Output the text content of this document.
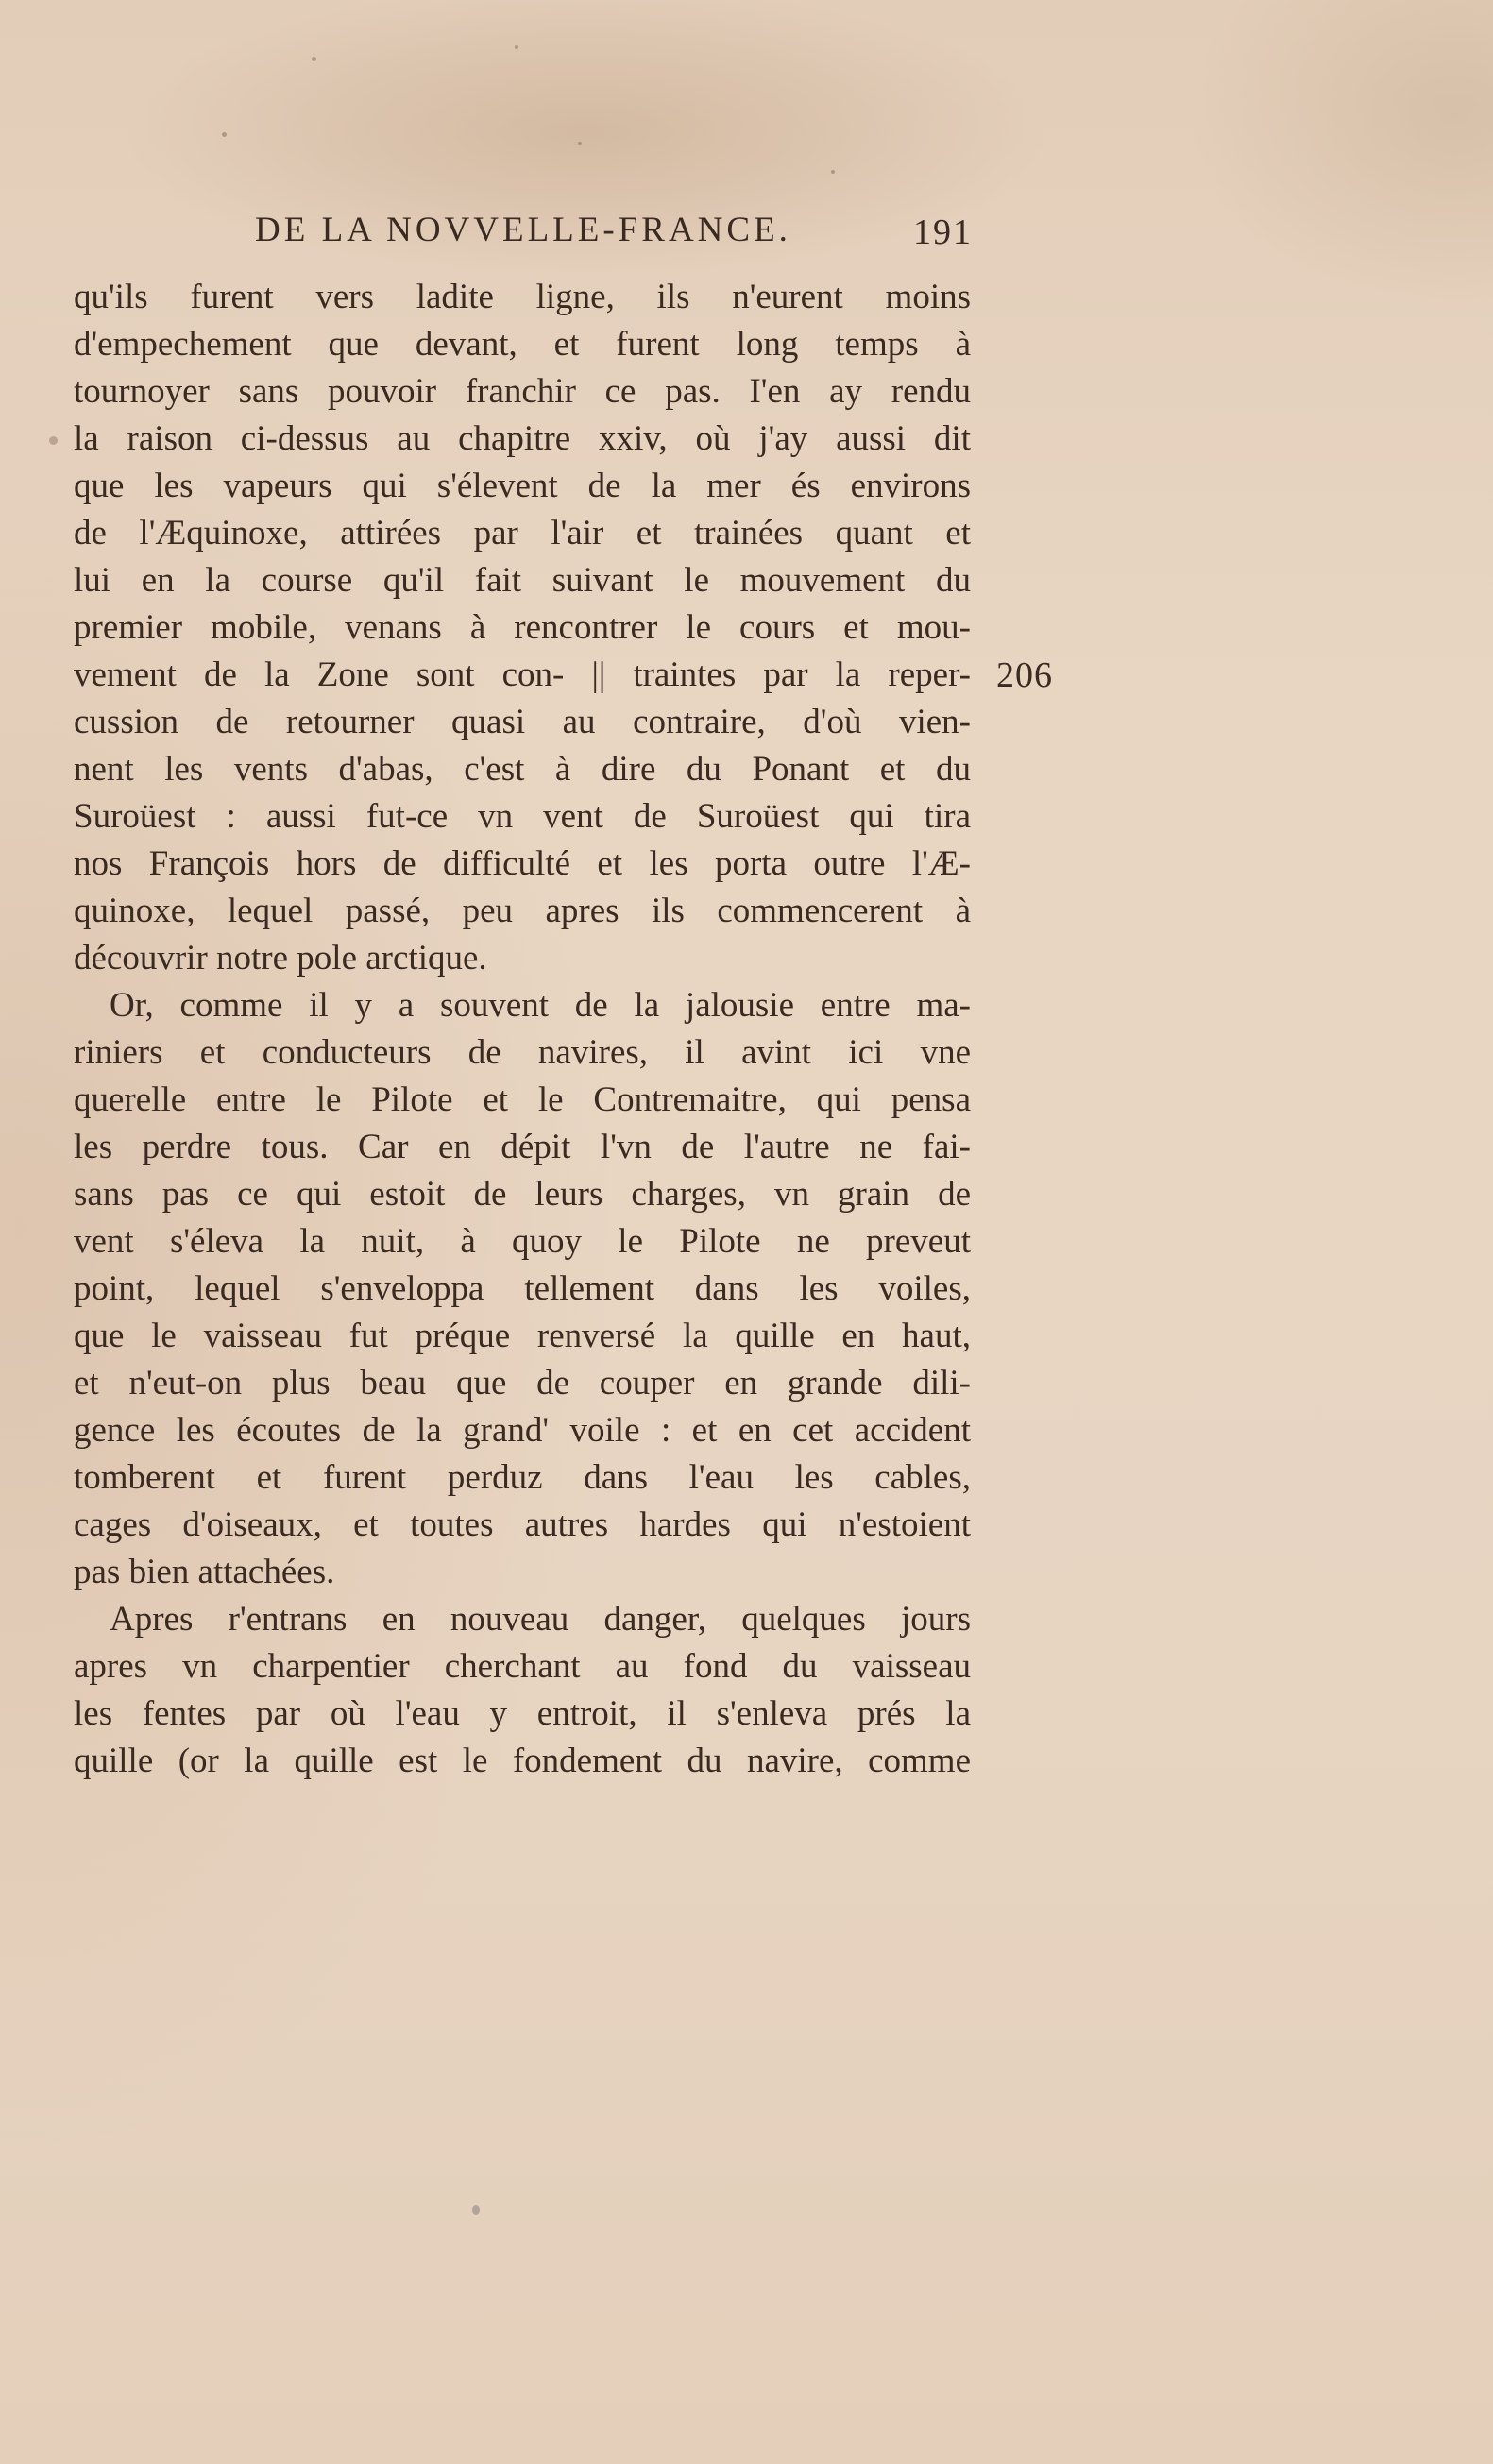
DE LA NOVVELLE-FRANCE.	191
206
qu'ils furent vers ladite ligne, ils n'eurent moins
d'empechement que devant, et furent long temps à
tournoyer sans pouvoir franchir ce pas. I'en ay rendu
la raison ci-dessus au chapitre xxiv, où j'ay aussi dit
que les vapeurs qui s'élevent de la mer és environs
de l'Æquinoxe, attirées par l'air et trainées quant et
lui en la course qu'il fait suivant le mouvement du
premier mobile, venans à rencontrer le cours et mou-
vement de la Zone sont con- || traintes par la reper-
cussion de retourner quasi au contraire, d'où vien-
nent les vents d'abas, c'est à dire du Ponant et du
Suroüest : aussi fut-ce vn vent de Suroüest qui tira
nos François hors de difficulté et les porta outre l'Æ-
quinoxe, lequel passé, peu apres ils commencerent à
découvrir notre pole arctique.
Or, comme il y a souvent de la jalousie entre ma-
riniers et conducteurs de navires, il avint ici vne
querelle entre le Pilote et le Contremaitre, qui pensa
les perdre tous. Car en dépit l'vn de l'autre ne fai-
sans pas ce qui estoit de leurs charges, vn grain de
vent s'éleva la nuit, à quoy le Pilote ne preveut
point, lequel s'enveloppa tellement dans les voiles,
que le vaisseau fut préque renversé la quille en haut,
et n'eut-on plus beau que de couper en grande dili-
gence les écoutes de la grand' voile : et en cet accident
tomberent et furent perduz dans l'eau les cables,
cages d'oiseaux, et toutes autres hardes qui n'estoient
pas bien attachées.
Apres r'entrans en nouveau danger, quelques jours
apres vn charpentier cherchant au fond du vaisseau
les fentes par où l'eau y entroit, il s'enleva prés la
quille (or la quille est le fondement du navire, comme
